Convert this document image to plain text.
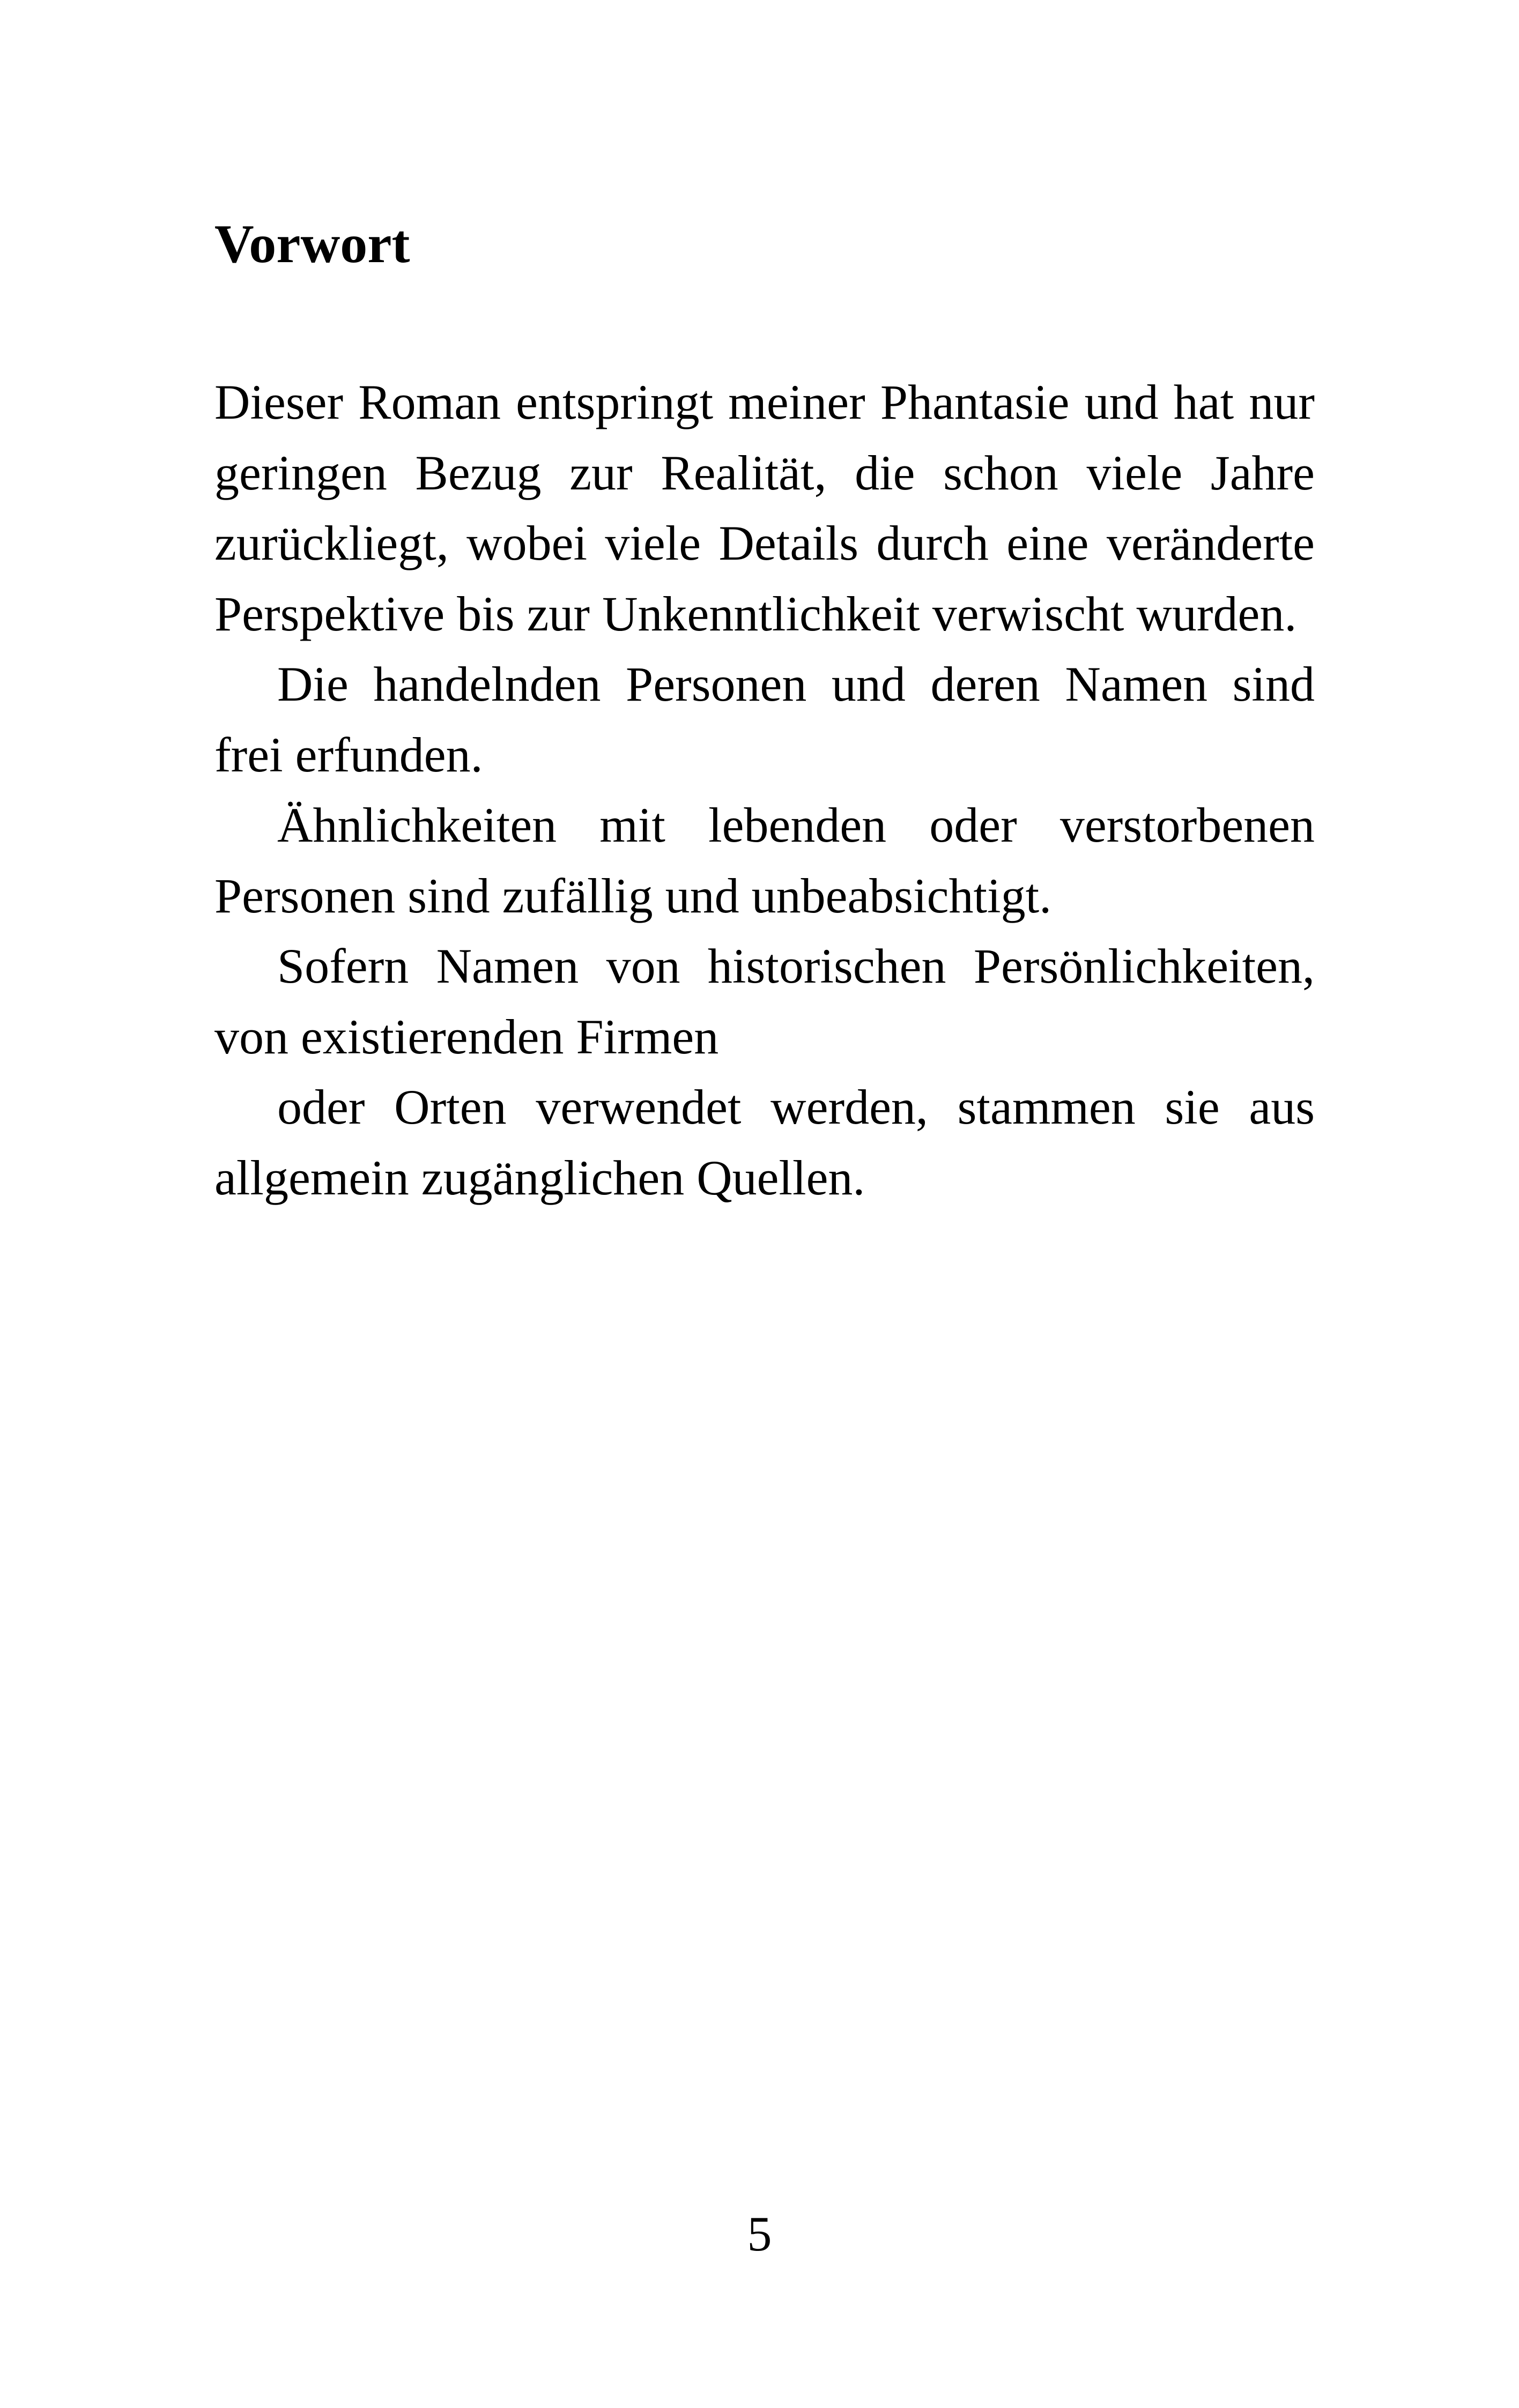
Vorwort

Dieser Roman entspringt meiner Phantasie und hat nur geringen Bezug zur Realität, die schon viele Jahre zurückliegt, wobei viele Details durch eine veränderte Perspektive bis zur Unkenntlichkeit verwischt wurden.

Die handelnden Personen und deren Namen sind frei erfunden.

Ähnlichkeiten mit lebenden oder verstorbenen Personen sind zufällig und unbeabsichtigt.

Sofern Namen von historischen Persönlichkeiten, von existierenden Firmen

oder Orten verwendet werden, stammen sie aus allgemein zugänglichen Quellen.

5
